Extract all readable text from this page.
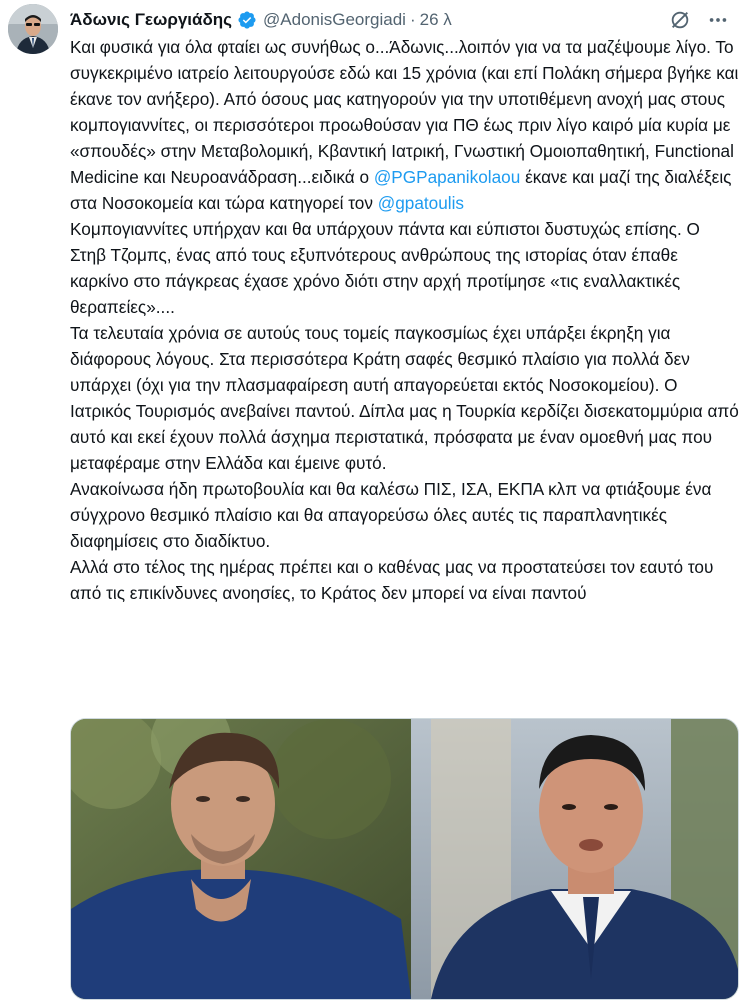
Άδωνις Γεωργιάδης @AdonisGeorgiadi · 26 λ

Και φυσικά για όλα φταίει ως συνήθως ο...Άδωνις...λοιπόν για να τα μαζέψουμε λίγο. Το συγκεκριμένο ιατρείο λειτουργούσε εδώ και 15 χρόνια (και επί Πολάκη σήμερα βγήκε και έκανε τον ανήξερο). Από όσους μας κατηγορούν για την υποτιθέμενη ανοχή μας στους κομπογιαννίτες, οι περισσότεροι προωθούσαν για ΠΘ έως πριν λίγο καιρό μία κυρία με «σπουδές» στην Μεταβολομική, Κβαντική Ιατρική, Γνωστική Ομοιοπαθητική, Functional Medicine και Νευροανάδραση...ειδικά ο @PGPapanikolaou έκανε και μαζί της διαλέξεις στα Νοσοκομεία και τώρα κατηγορεί τον @gpatoulis

Κομπογιαννίτες υπήρχαν και θα υπάρχουν πάντα και εύπιστοι δυστυχώς επίσης. Ο Στηβ Τζομπς, ένας από τους εξυπνότερους ανθρώπους της ιστορίας όταν έπαθε καρκίνο στο πάγκρεας έχασε χρόνο διότι στην αρχή προτίμησε «τις εναλλακτικές θεραπείες»....

Τα τελευταία χρόνια σε αυτούς τους τομείς παγκοσμίως έχει υπάρξει έκρηξη για διάφορους λόγους. Στα περισσότερα Κράτη σαφές θεσμικό πλαίσιο για πολλά δεν υπάρχει (όχι για την πλασμαφαίρεση αυτή απαγορεύεται εκτός Νοσοκομείου). Ο Ιατρικός Τουρισμός ανεβαίνει παντού. Δίπλα μας η Τουρκία κερδίζει δισεκατομμύρια από αυτό και εκεί έχουν πολλά άσχημα περιστατικά, πρόσφατα με έναν ομοεθνή μας που μεταφέραμε στην Ελλάδα και έμεινε φυτό.

Ανακοίνωσα ήδη πρωτοβουλία και θα καλέσω ΠΙΣ, ΙΣΑ, ΕΚΠΑ κλπ να φτιάξουμε ένα σύγχρονο θεσμικό πλαίσιο και θα απαγορεύσω όλες αυτές τις παραπλανητικές διαφημίσεις στο διαδίκτυο.

Αλλά στο τέλος της ημέρας πρέπει και ο καθένας μας να προστατεύσει τον εαυτό του από τις επικίνδυνες ανοησίες, το Κράτος δεν μπορεί να είναι παντού
